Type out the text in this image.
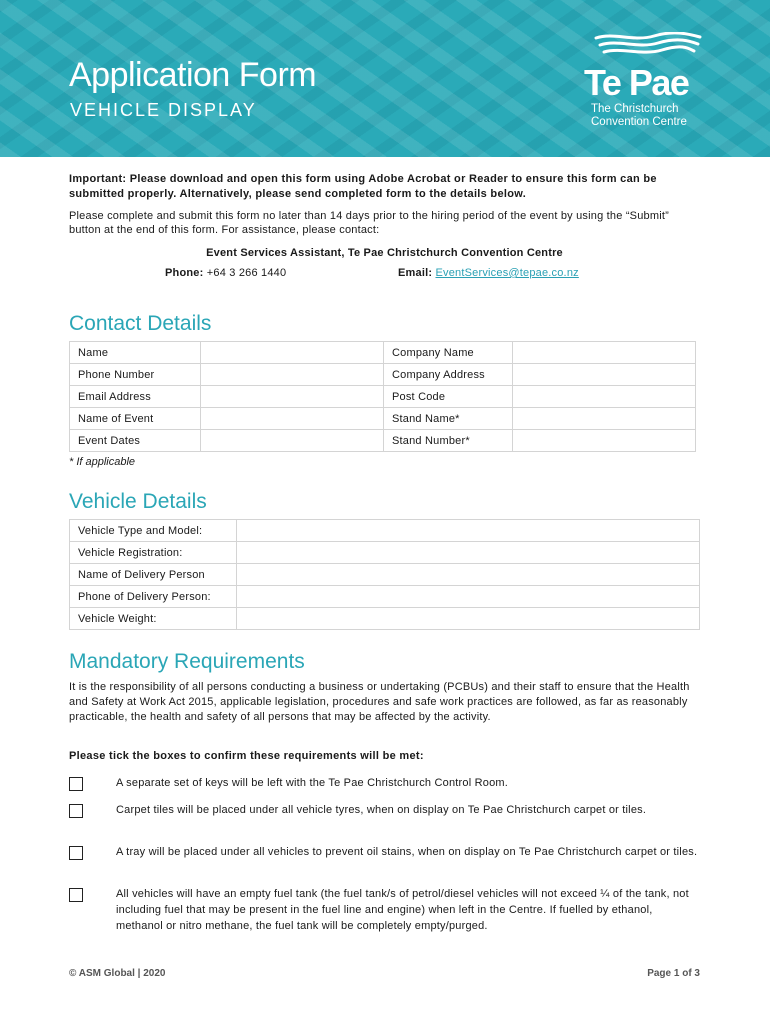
Application Form
VEHICLE DISPLAY
Te Pae
The Christchurch
Convention Centre

Important: Please download and open this form using Adobe Acrobat or Reader to ensure this form can be submitted properly. Alternatively, please send completed form to the details below.

Please complete and submit this form no later than 14 days prior to the hiring period of the event by using the “Submit” button at the end of this form. For assistance, please contact:

Event Services Assistant, Te Pae Christchurch Convention Centre

Phone: +64 3 266 1440	Email: EventServices@tepae.co.nz
Contact Details
Name		Company Name	
Phone Number		Company Address	
Email Address		Post Code	
Name of Event		Stand Name*	
Event Dates		Stand Number*	
* If applicable
Vehicle Details
Vehicle Type and Model:	
Vehicle Registration:	
Name of Delivery Person	
Phone of Delivery Person:	
Vehicle Weight:	
Mandatory Requirements

It is the responsibility of all persons conducting a business or undertaking (PCBUs) and their staff to ensure that the Health and Safety at Work Act 2015, applicable legislation, procedures and safe work practices are followed, as far as reasonably practicable, the health and safety of all persons that may be affected by the activity.

Please tick the boxes to confirm these requirements will be met:
A separate set of keys will be left with the Te Pae Christchurch Control Room.
Carpet tiles will be placed under all vehicle tyres, when on display on Te Pae Christchurch carpet or tiles.
A tray will be placed under all vehicles to prevent oil stains, when on display on Te Pae Christchurch carpet or tiles.
All vehicles will have an empty fuel tank (the fuel tank/s of petrol/diesel vehicles will not exceed ¼ of the tank, not including fuel that may be present in the fuel line and engine) when left in the Centre. If fuelled by ethanol, methanol or nitro methane, the fuel tank will be completely empty/purged.
© ASM Global | 2020	Page 1 of 3
